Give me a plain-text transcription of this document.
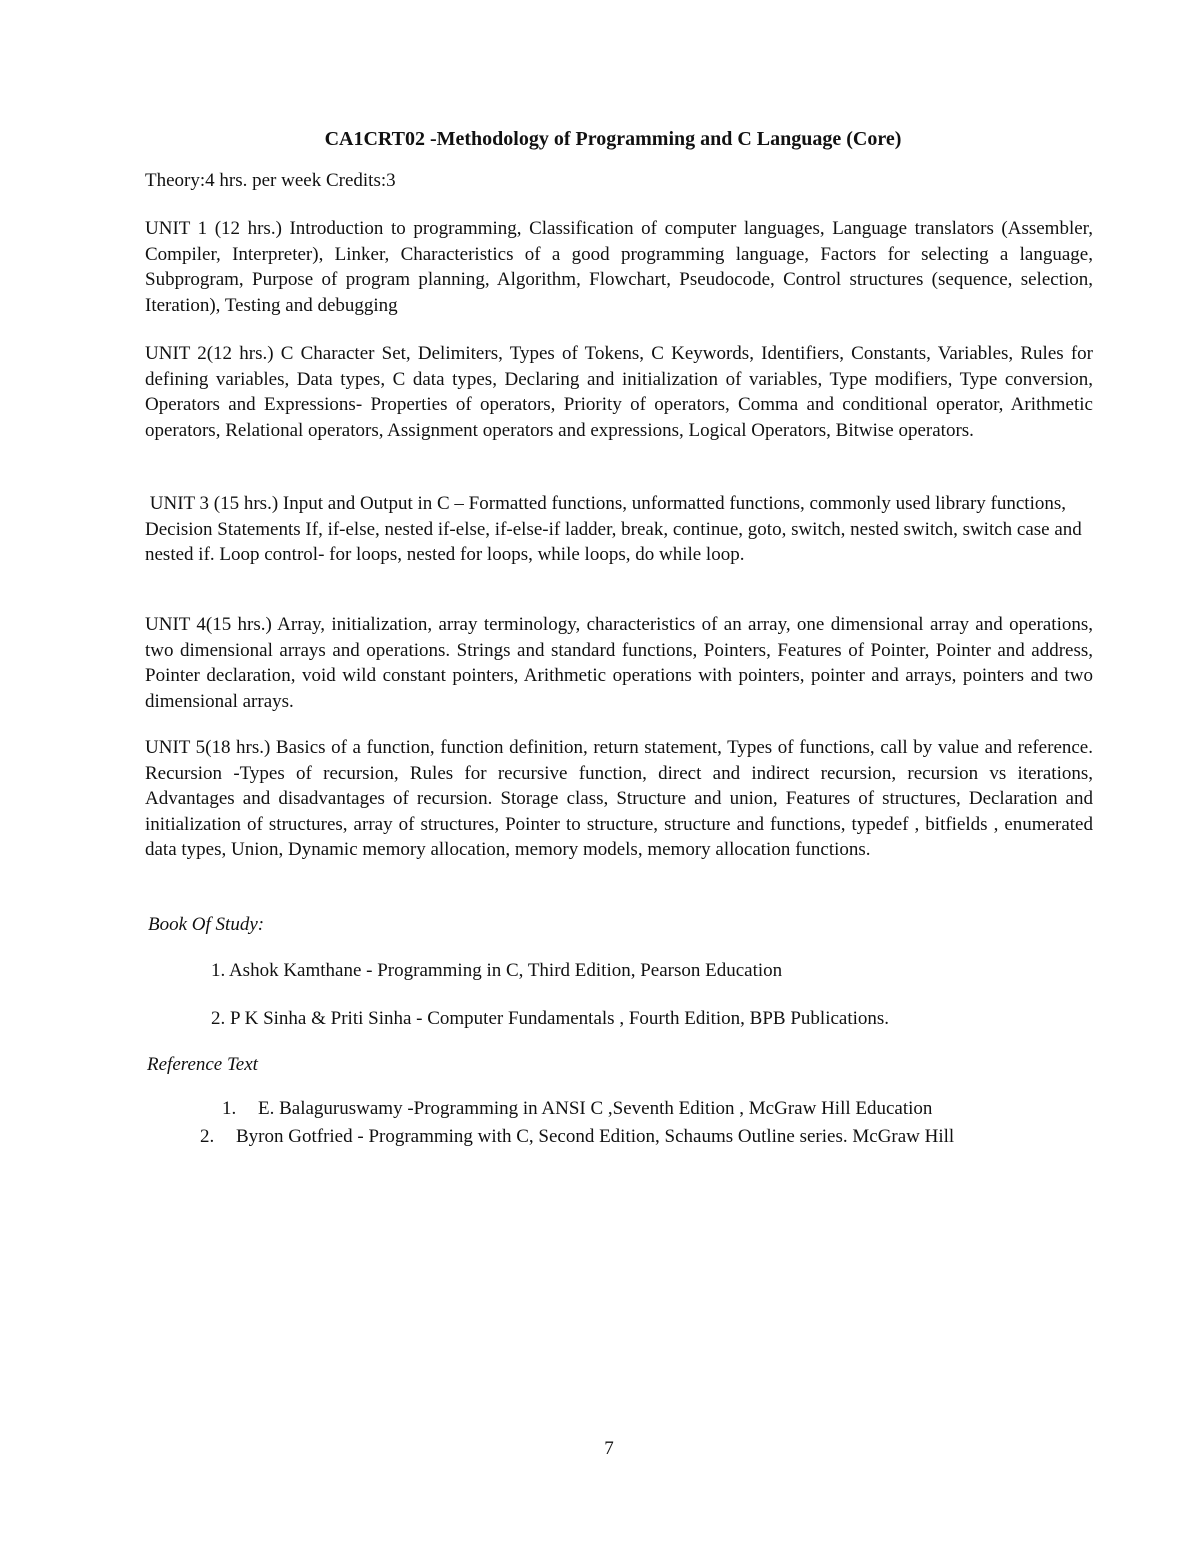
CA1CRT02 -Methodology of Programming and C Language (Core)
Theory:4 hrs. per week Credits:3
UNIT 1 (12 hrs.) Introduction to programming, Classification of computer languages, Language translators (Assembler, Compiler, Interpreter), Linker, Characteristics of a good programming language, Factors for selecting a language, Subprogram, Purpose of program planning, Algorithm, Flowchart, Pseudocode, Control structures (sequence, selection, Iteration), Testing and debugging
UNIT 2(12 hrs.) C Character Set, Delimiters, Types of Tokens, C Keywords, Identifiers, Constants, Variables, Rules for defining variables, Data types, C data types, Declaring and initialization of variables, Type modifiers, Type conversion, Operators and Expressions- Properties of operators, Priority of operators, Comma and conditional operator, Arithmetic operators, Relational operators, Assignment operators and expressions, Logical Operators, Bitwise operators.
UNIT 3 (15 hrs.) Input and Output in C – Formatted functions, unformatted functions, commonly used library functions, Decision Statements If, if-else, nested if-else, if-else-if ladder, break, continue, goto, switch, nested switch, switch case and nested if. Loop control- for loops, nested for loops, while loops, do while loop.
UNIT 4(15 hrs.) Array, initialization, array terminology, characteristics of an array, one dimensional array and operations, two dimensional arrays and operations. Strings and standard functions, Pointers, Features of Pointer, Pointer and address, Pointer declaration, void wild constant pointers, Arithmetic operations with pointers, pointer and arrays, pointers and two dimensional arrays.
UNIT 5(18 hrs.) Basics of a function, function definition, return statement, Types of functions, call by value and reference. Recursion -Types of recursion, Rules for recursive function, direct and indirect recursion, recursion vs iterations, Advantages and disadvantages of recursion. Storage class, Structure and union, Features of structures, Declaration and initialization of structures, array of structures, Pointer to structure, structure and functions, typedef , bitfields , enumerated data types, Union, Dynamic memory allocation, memory models, memory allocation functions.
Book Of Study:
1. Ashok Kamthane - Programming in C, Third Edition, Pearson Education
2. P K Sinha & Priti Sinha - Computer Fundamentals , Fourth Edition, BPB Publications.
Reference Text
1. E. Balaguruswamy -Programming in ANSI C ,Seventh Edition , McGraw Hill Education
2. Byron Gotfried - Programming with C, Second Edition, Schaums Outline series. McGraw Hill
7
